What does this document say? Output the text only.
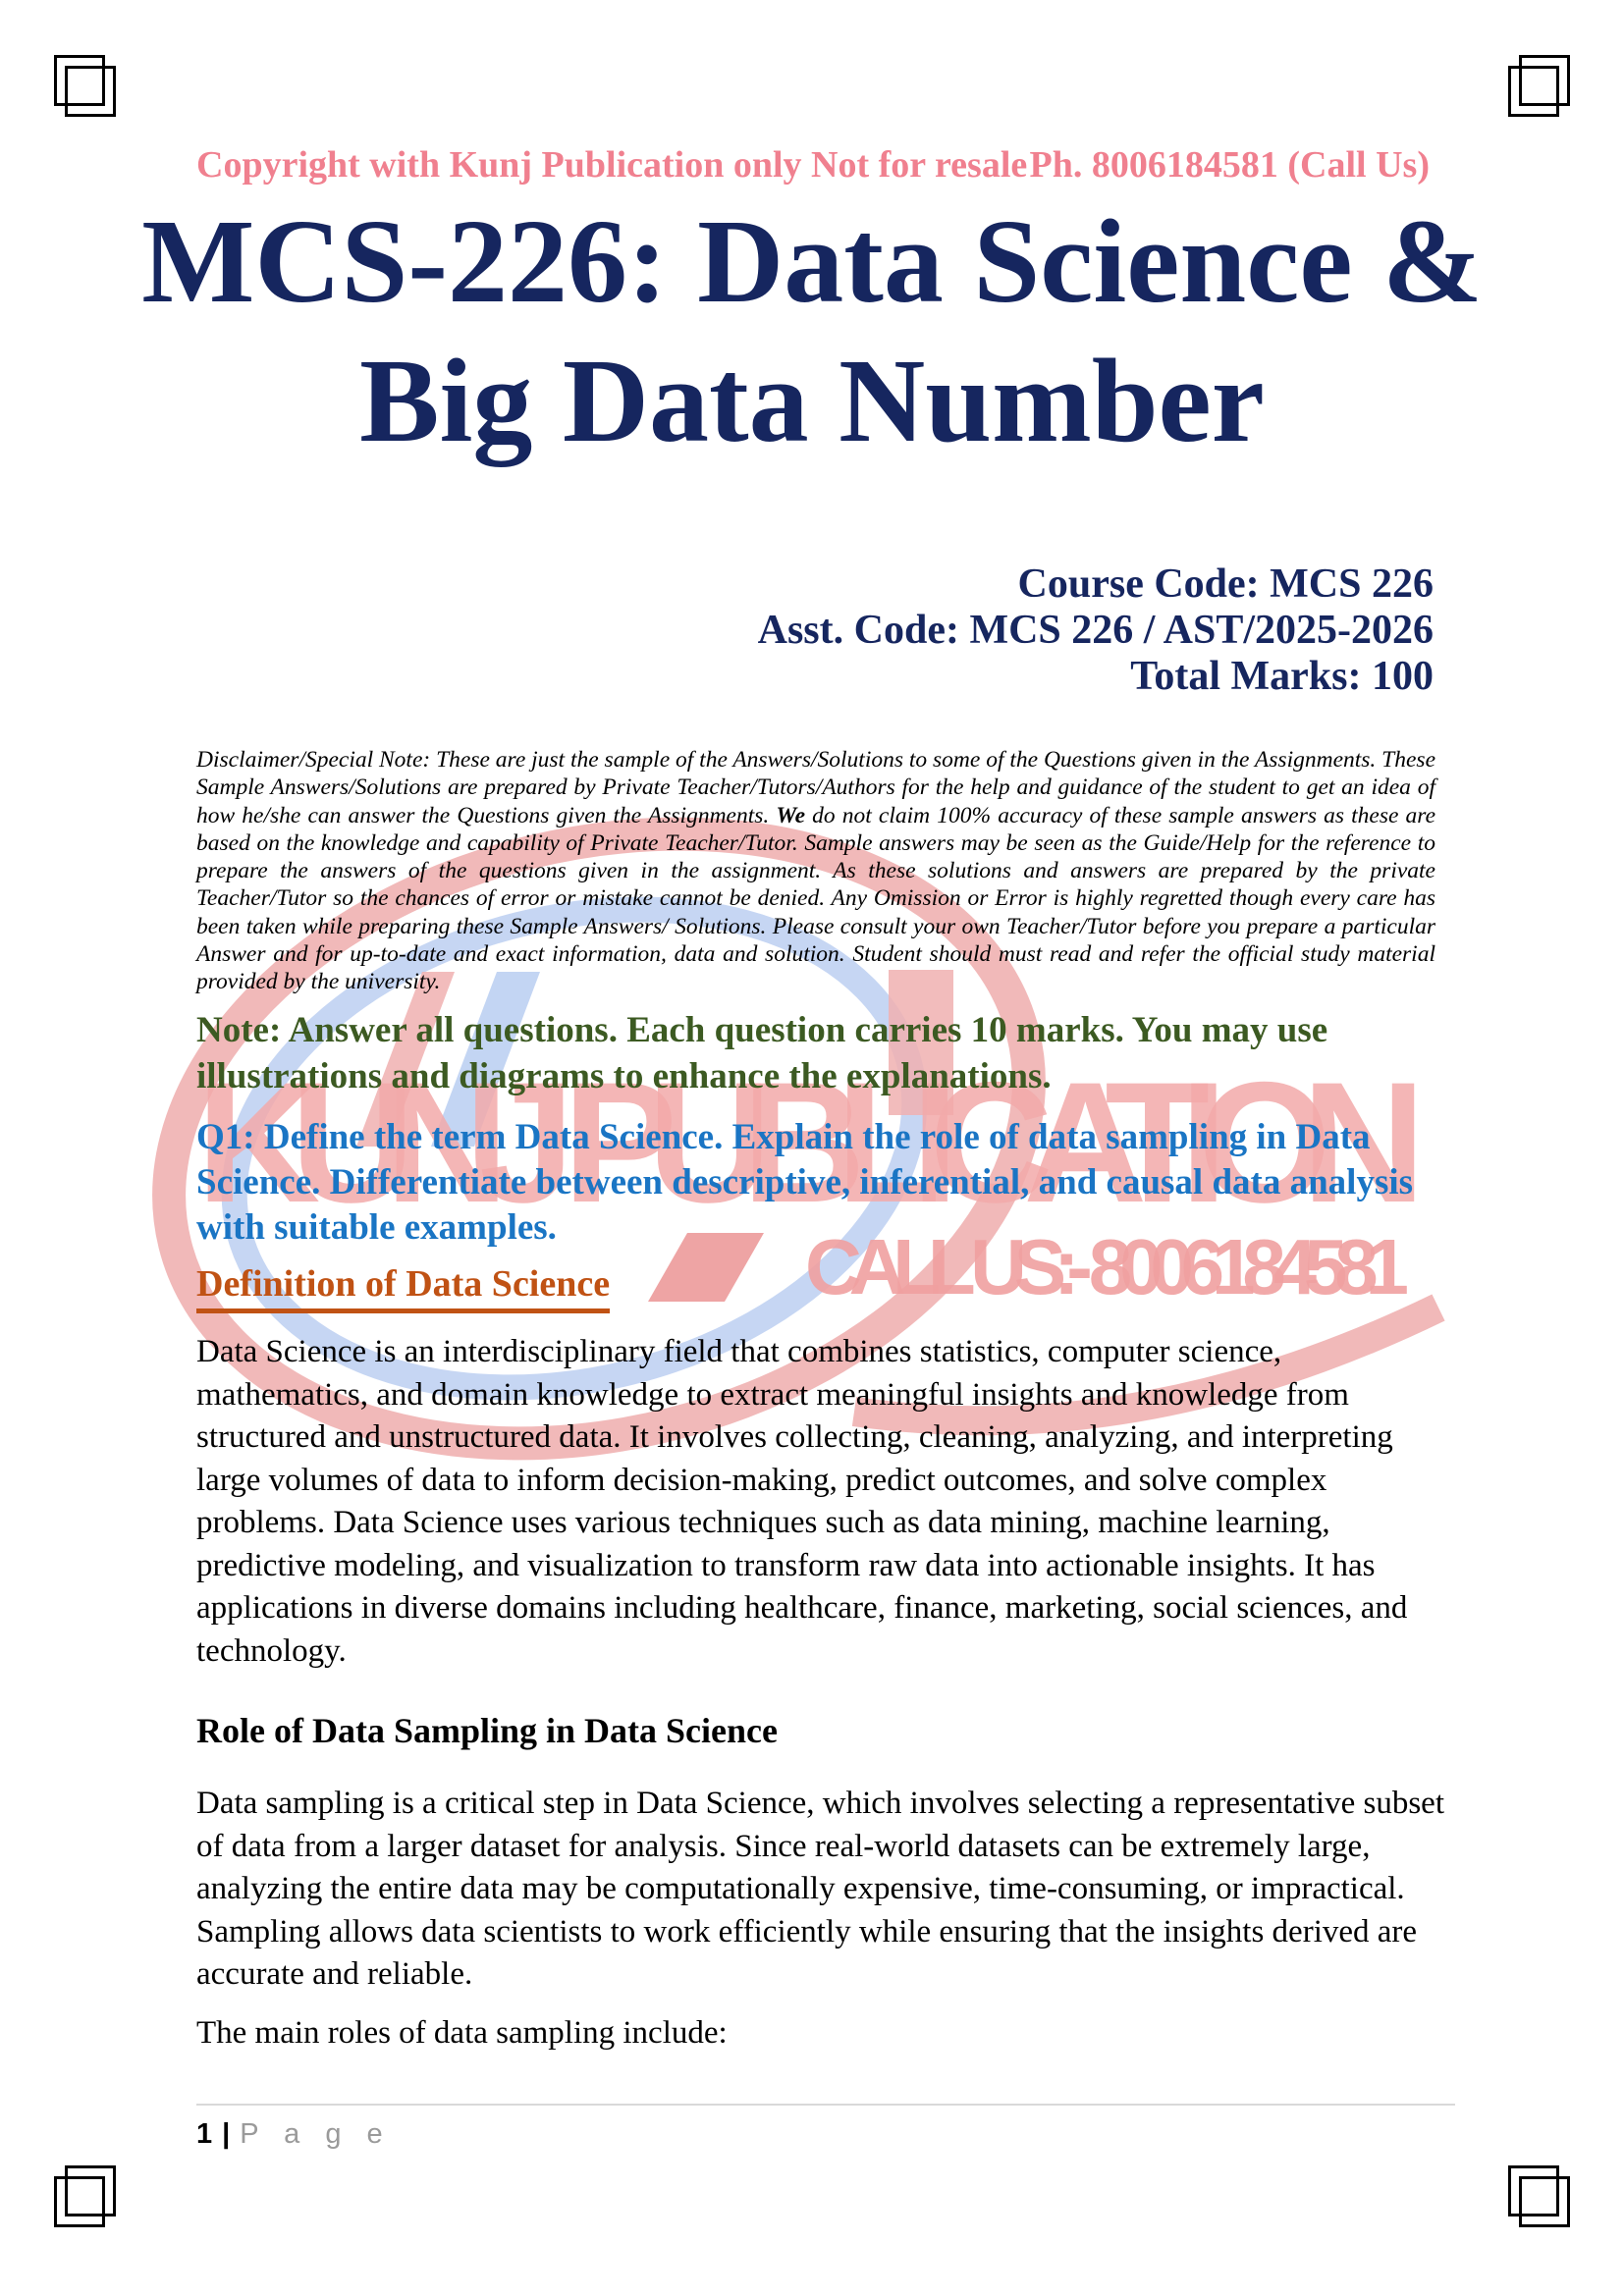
KUNJ PUBLICATION
CALL US:- 8006184581
Copyright with Kunj Publication only Not for resale Ph. 8006184581 (Call Us)
MCS-226: Data Science &
Big Data Number
Course Code: MCS 226
Asst. Code: MCS 226 / AST/2025-2026
Total Marks: 100

Disclaimer/Special Note: These are just the sample of the Answers/Solutions to some of the Questions given in the Assignments. These Sample Answers/Solutions are prepared by Private Teacher/Tutors/Authors for the help and guidance of the student to get an idea of how he/she can answer the Questions given the Assignments. We do not claim 100% accuracy of these sample answers as these are based on the knowledge and capability of Private Teacher/Tutor. Sample answers may be seen as the Guide/Help for the reference to prepare the answers of the questions given in the assignment. As these solutions and answers are prepared by the private Teacher/Tutor so the chances of error or mistake cannot be denied. Any Omission or Error is highly regretted though every care has been taken while preparing these Sample Answers/ Solutions. Please consult your own Teacher/Tutor before you prepare a particular Answer and for up-to-date and exact information, data and solution. Student should must read and refer the official study material provided by the university.

Note: Answer all questions. Each question carries 10 marks. You may use illustrations and diagrams to enhance the explanations.

Q1: Define the term Data Science. Explain the role of data sampling in Data Science. Differentiate between descriptive, inferential, and causal data analysis with suitable examples.

Definition of Data Science

Data Science is an interdisciplinary field that combines statistics, computer science, mathematics, and domain knowledge to extract meaningful insights and knowledge from structured and unstructured data. It involves collecting, cleaning, analyzing, and interpreting large volumes of data to inform decision-making, predict outcomes, and solve complex problems. Data Science uses various techniques such as data mining, machine learning, predictive modeling, and visualization to transform raw data into actionable insights. It has applications in diverse domains including healthcare, finance, marketing, social sciences, and technology.

Role of Data Sampling in Data Science

Data sampling is a critical step in Data Science, which involves selecting a representative subset of data from a larger dataset for analysis. Since real-world datasets can be extremely large, analyzing the entire data may be computationally expensive, time-consuming, or impractical. Sampling allows data scientists to work efficiently while ensuring that the insights derived are accurate and reliable.

The main roles of data sampling include:

1 | P a g e
